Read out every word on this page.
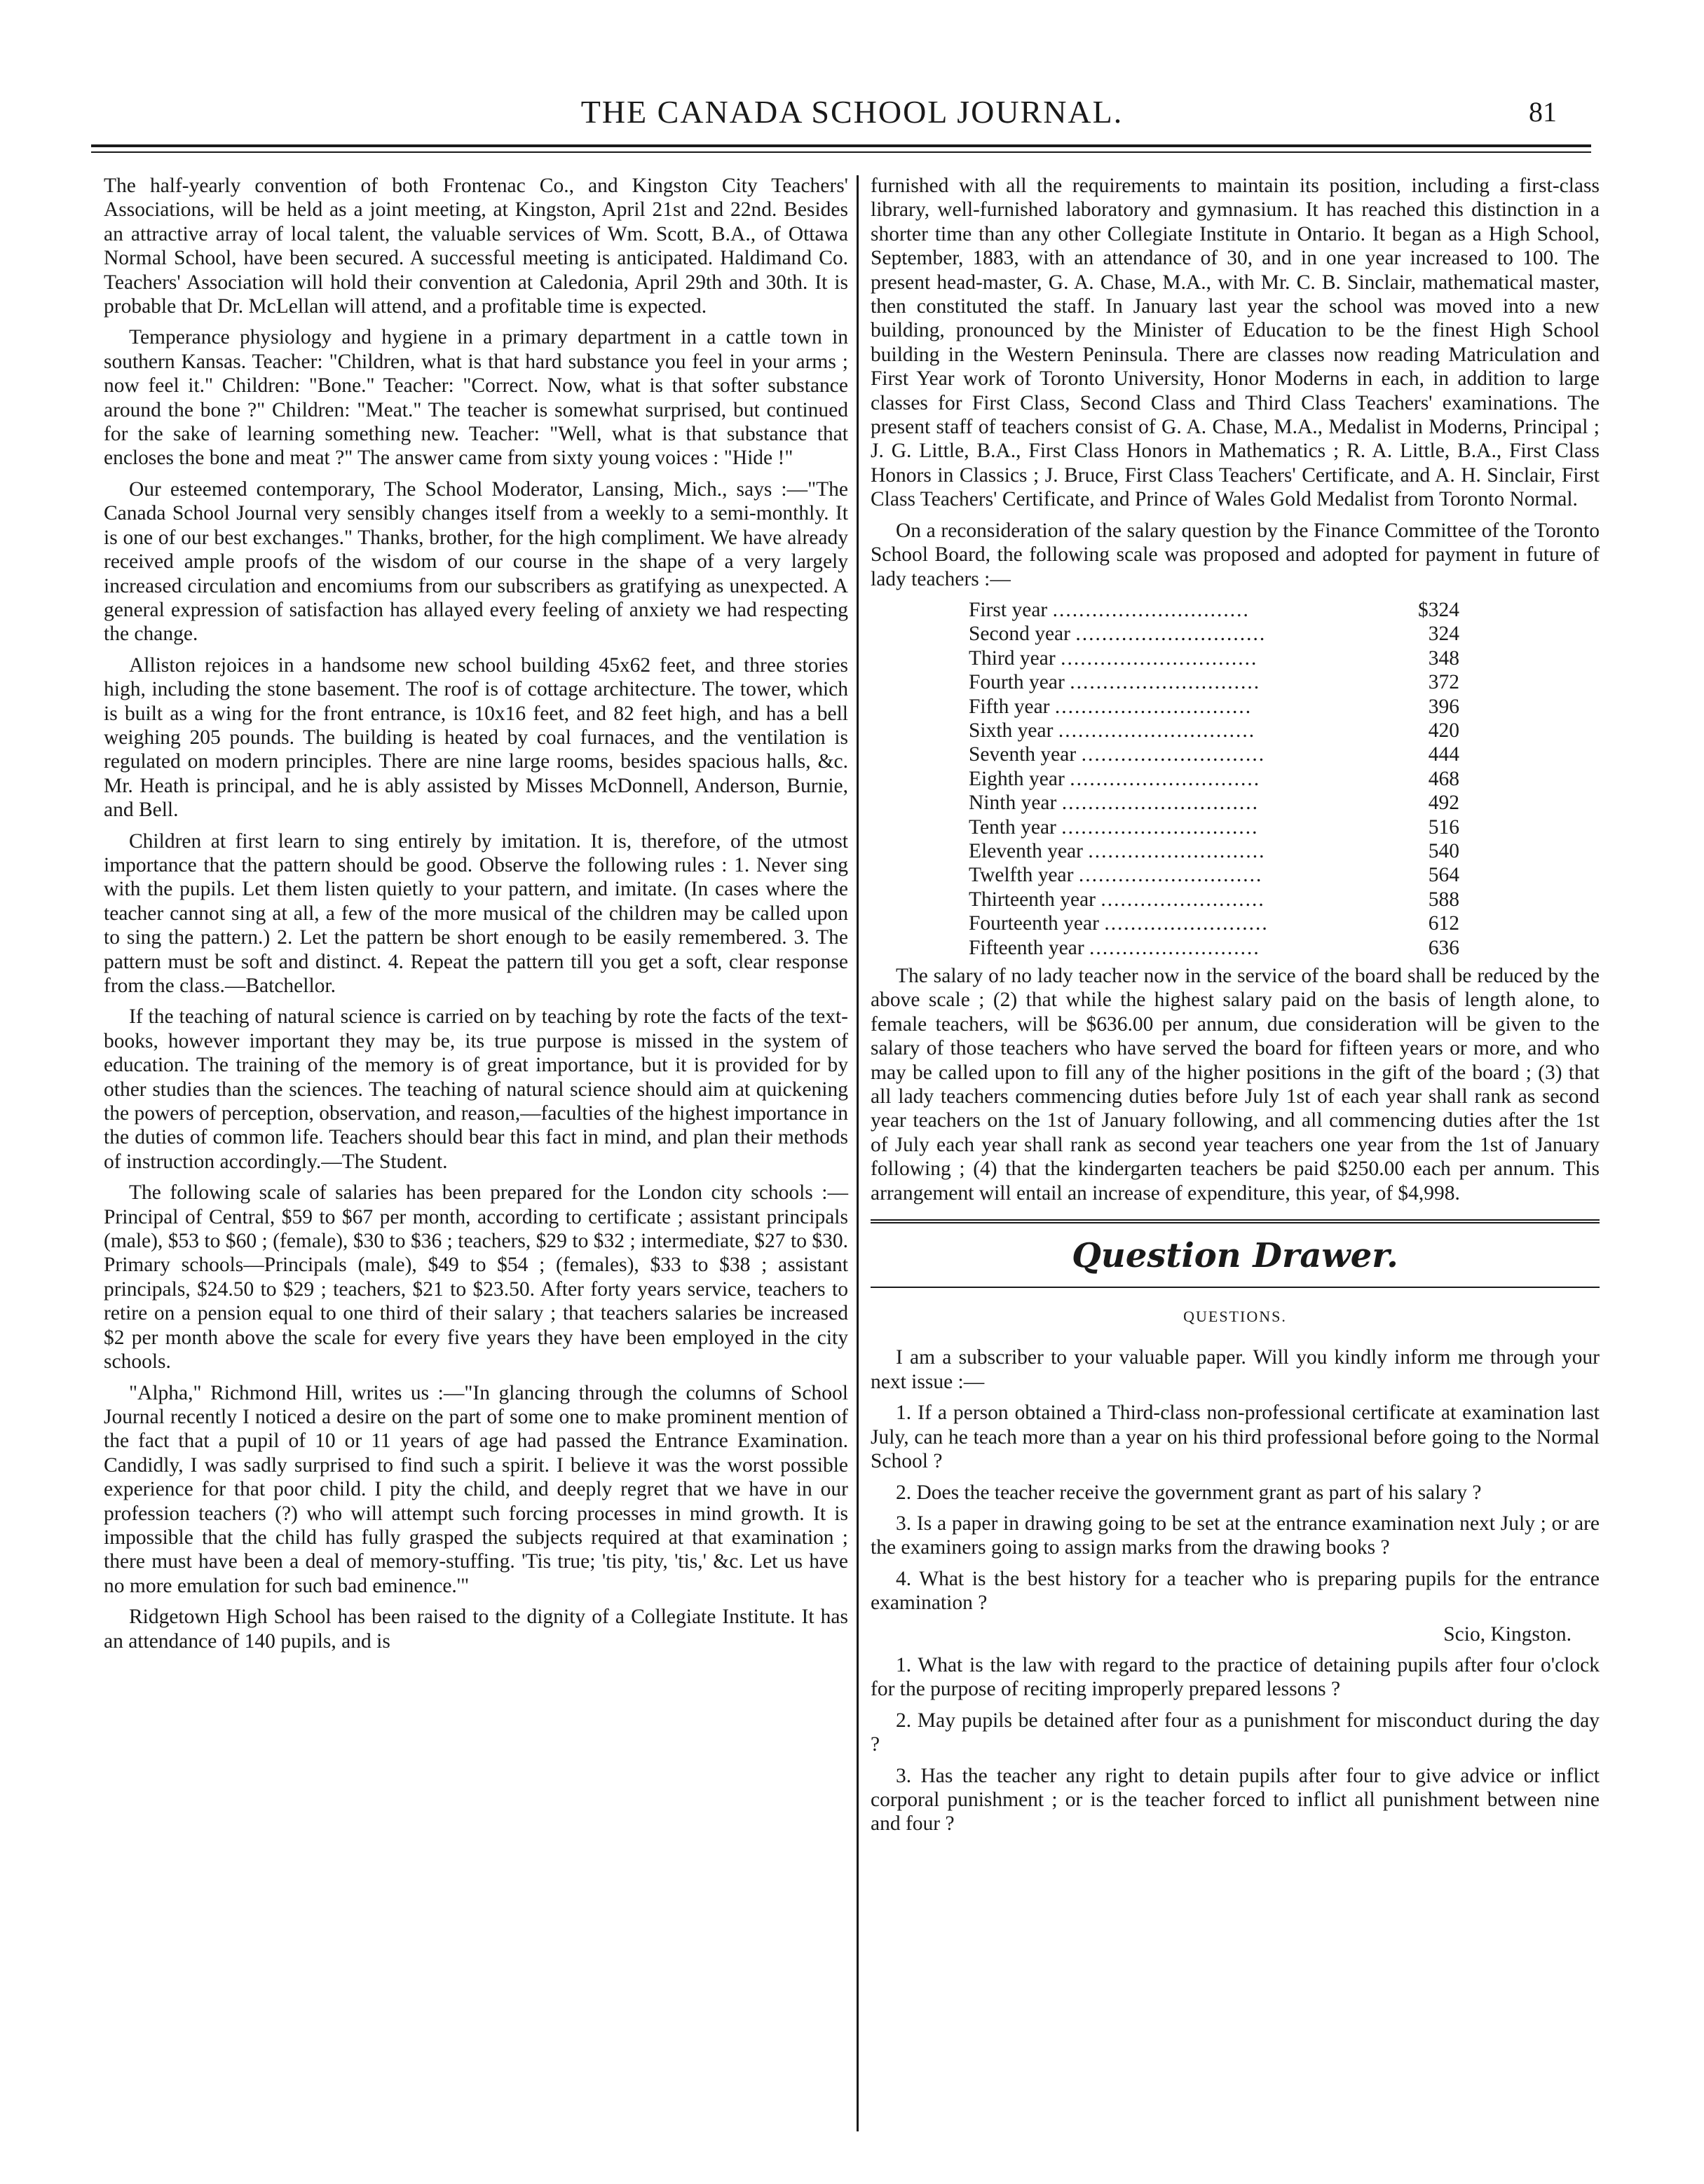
THE CANADA SCHOOL JOURNAL.	81

The half-yearly convention of both Frontenac Co., and Kingston City Teachers' Associations, will be held as a joint meeting, at Kingston, April 21st and 22nd. Besides an attractive array of local talent, the valuable services of Wm. Scott, B.A., of Ottawa Normal School, have been secured. A successful meeting is anticipated. Haldimand Co. Teachers' Association will hold their convention at Caledonia, April 29th and 30th. It is probable that Dr. McLellan will attend, and a profitable time is expected.

Temperance physiology and hygiene in a primary department in a cattle town in southern Kansas. Teacher: "Children, what is that hard substance you feel in your arms ; now feel it." Children: "Bone." Teacher: "Correct. Now, what is that softer substance around the bone ?" Children: "Meat." The teacher is somewhat surprised, but continued for the sake of learning something new. Teacher: "Well, what is that substance that encloses the bone and meat ?" The answer came from sixty young voices : "Hide !"

Our esteemed contemporary, The School Moderator, Lansing, Mich., says :—"The Canada School Journal very sensibly changes itself from a weekly to a semi-monthly. It is one of our best exchanges." Thanks, brother, for the high compliment. We have already received ample proofs of the wisdom of our course in the shape of a very largely increased circulation and encomiums from our subscribers as gratifying as unexpected. A general expression of satisfaction has allayed every feeling of anxiety we had respecting the change.

Alliston rejoices in a handsome new school building 45x62 feet, and three stories high, including the stone basement. The roof is of cottage architecture. The tower, which is built as a wing for the front entrance, is 10x16 feet, and 82 feet high, and has a bell weighing 205 pounds. The building is heated by coal furnaces, and the ventilation is regulated on modern principles. There are nine large rooms, besides spacious halls, &c. Mr. Heath is principal, and he is ably assisted by Misses McDonnell, Anderson, Burnie, and Bell.

Children at first learn to sing entirely by imitation. It is, therefore, of the utmost importance that the pattern should be good. Observe the following rules : 1. Never sing with the pupils. Let them listen quietly to your pattern, and imitate. (In cases where the teacher cannot sing at all, a few of the more musical of the children may be called upon to sing the pattern.) 2. Let the pattern be short enough to be easily remembered. 3. The pattern must be soft and distinct. 4. Repeat the pattern till you get a soft, clear response from the class.—Batchellor.

If the teaching of natural science is carried on by teaching by rote the facts of the text-books, however important they may be, its true purpose is missed in the system of education. The training of the memory is of great importance, but it is provided for by other studies than the sciences. The teaching of natural science should aim at quickening the powers of perception, observation, and reason,—faculties of the highest importance in the duties of common life. Teachers should bear this fact in mind, and plan their methods of instruction accordingly.—The Student.

The following scale of salaries has been prepared for the London city schools :—Principal of Central, $59 to $67 per month, according to certificate ; assistant principals (male), $53 to $60 ; (female), $30 to $36 ; teachers, $29 to $32 ; intermediate, $27 to $30. Primary schools—Principals (male), $49 to $54 ; (females), $33 to $38 ; assistant principals, $24.50 to $29 ; teachers, $21 to $23.50. After forty years service, teachers to retire on a pension equal to one third of their salary ; that teachers salaries be increased $2 per month above the scale for every five years they have been employed in the city schools.

"Alpha," Richmond Hill, writes us :—"In glancing through the columns of School Journal recently I noticed a desire on the part of some one to make prominent mention of the fact that a pupil of 10 or 11 years of age had passed the Entrance Examination. Candidly, I was sadly surprised to find such a spirit. I believe it was the worst possible experience for that poor child. I pity the child, and deeply regret that we have in our profession teachers (?) who will attempt such forcing processes in mind growth. It is impossible that the child has fully grasped the subjects required at that examination ; there must have been a deal of memory-stuffing. 'Tis true; 'tis pity, 'tis,' &c. Let us have no more emulation for such bad eminence.'"

Ridgetown High School has been raised to the dignity of a Collegiate Institute. It has an attendance of 140 pupils, and is

furnished with all the requirements to maintain its position, including a first-class library, well-furnished laboratory and gymnasium. It has reached this distinction in a shorter time than any other Collegiate Institute in Ontario. It began as a High School, September, 1883, with an attendance of 30, and in one year increased to 100. The present head-master, G. A. Chase, M.A., with Mr. C. B. Sinclair, mathematical master, then constituted the staff. In January last year the school was moved into a new building, pronounced by the Minister of Education to be the finest High School building in the Western Peninsula. There are classes now reading Matriculation and First Year work of Toronto University, Honor Moderns in each, in addition to large classes for First Class, Second Class and Third Class Teachers' examinations. The present staff of teachers consist of G. A. Chase, M.A., Medalist in Moderns, Principal ; J. G. Little, B.A., First Class Honors in Mathematics ; R. A. Little, B.A., First Class Honors in Classics ; J. Bruce, First Class Teachers' Certificate, and A. H. Sinclair, First Class Teachers' Certificate, and Prince of Wales Gold Medalist from Toronto Normal.

On a reconsideration of the salary question by the Finance Committee of the Toronto School Board, the following scale was proposed and adopted for payment in future of lady teachers :—

First year ..............................	$324
Second year .............................	324
Third year ..............................	348
Fourth year .............................	372
Fifth year ..............................	396
Sixth year ..............................	420
Seventh year ............................	444
Eighth year .............................	468
Ninth year ..............................	492
Tenth year ..............................	516
Eleventh year ...........................	540
Twelfth year ............................	564
Thirteenth year .........................	588
Fourteenth year .........................	612
Fifteenth year ..........................	636

The salary of no lady teacher now in the service of the board shall be reduced by the above scale ; (2) that while the highest salary paid on the basis of length alone, to female teachers, will be $636.00 per annum, due consideration will be given to the salary of those teachers who have served the board for fifteen years or more, and who may be called upon to fill any of the higher positions in the gift of the board ; (3) that all lady teachers commencing duties before July 1st of each year shall rank as second year teachers on the 1st of January following, and all commencing duties after the 1st of July each year shall rank as second year teachers one year from the 1st of January following ; (4) that the kindergarten teachers be paid $250.00 each per annum. This arrangement will entail an increase of expenditure, this year, of $4,998.

Question Drawer.
QUESTIONS.

I am a subscriber to your valuable paper. Will you kindly inform me through your next issue :—

1. If a person obtained a Third-class non-professional certificate at examination last July, can he teach more than a year on his third professional before going to the Normal School ?

2. Does the teacher receive the government grant as part of his salary ?

3. Is a paper in drawing going to be set at the entrance examination next July ; or are the examiners going to assign marks from the drawing books ?

4. What is the best history for a teacher who is preparing pupils for the entrance examination ?

Scio, Kingston.

1. What is the law with regard to the practice of detaining pupils after four o'clock for the purpose of reciting improperly prepared lessons ?

2. May pupils be detained after four as a punishment for misconduct during the day ?

3. Has the teacher any right to detain pupils after four to give advice or inflict corporal punishment ; or is the teacher forced to inflict all punishment between nine and four ?
